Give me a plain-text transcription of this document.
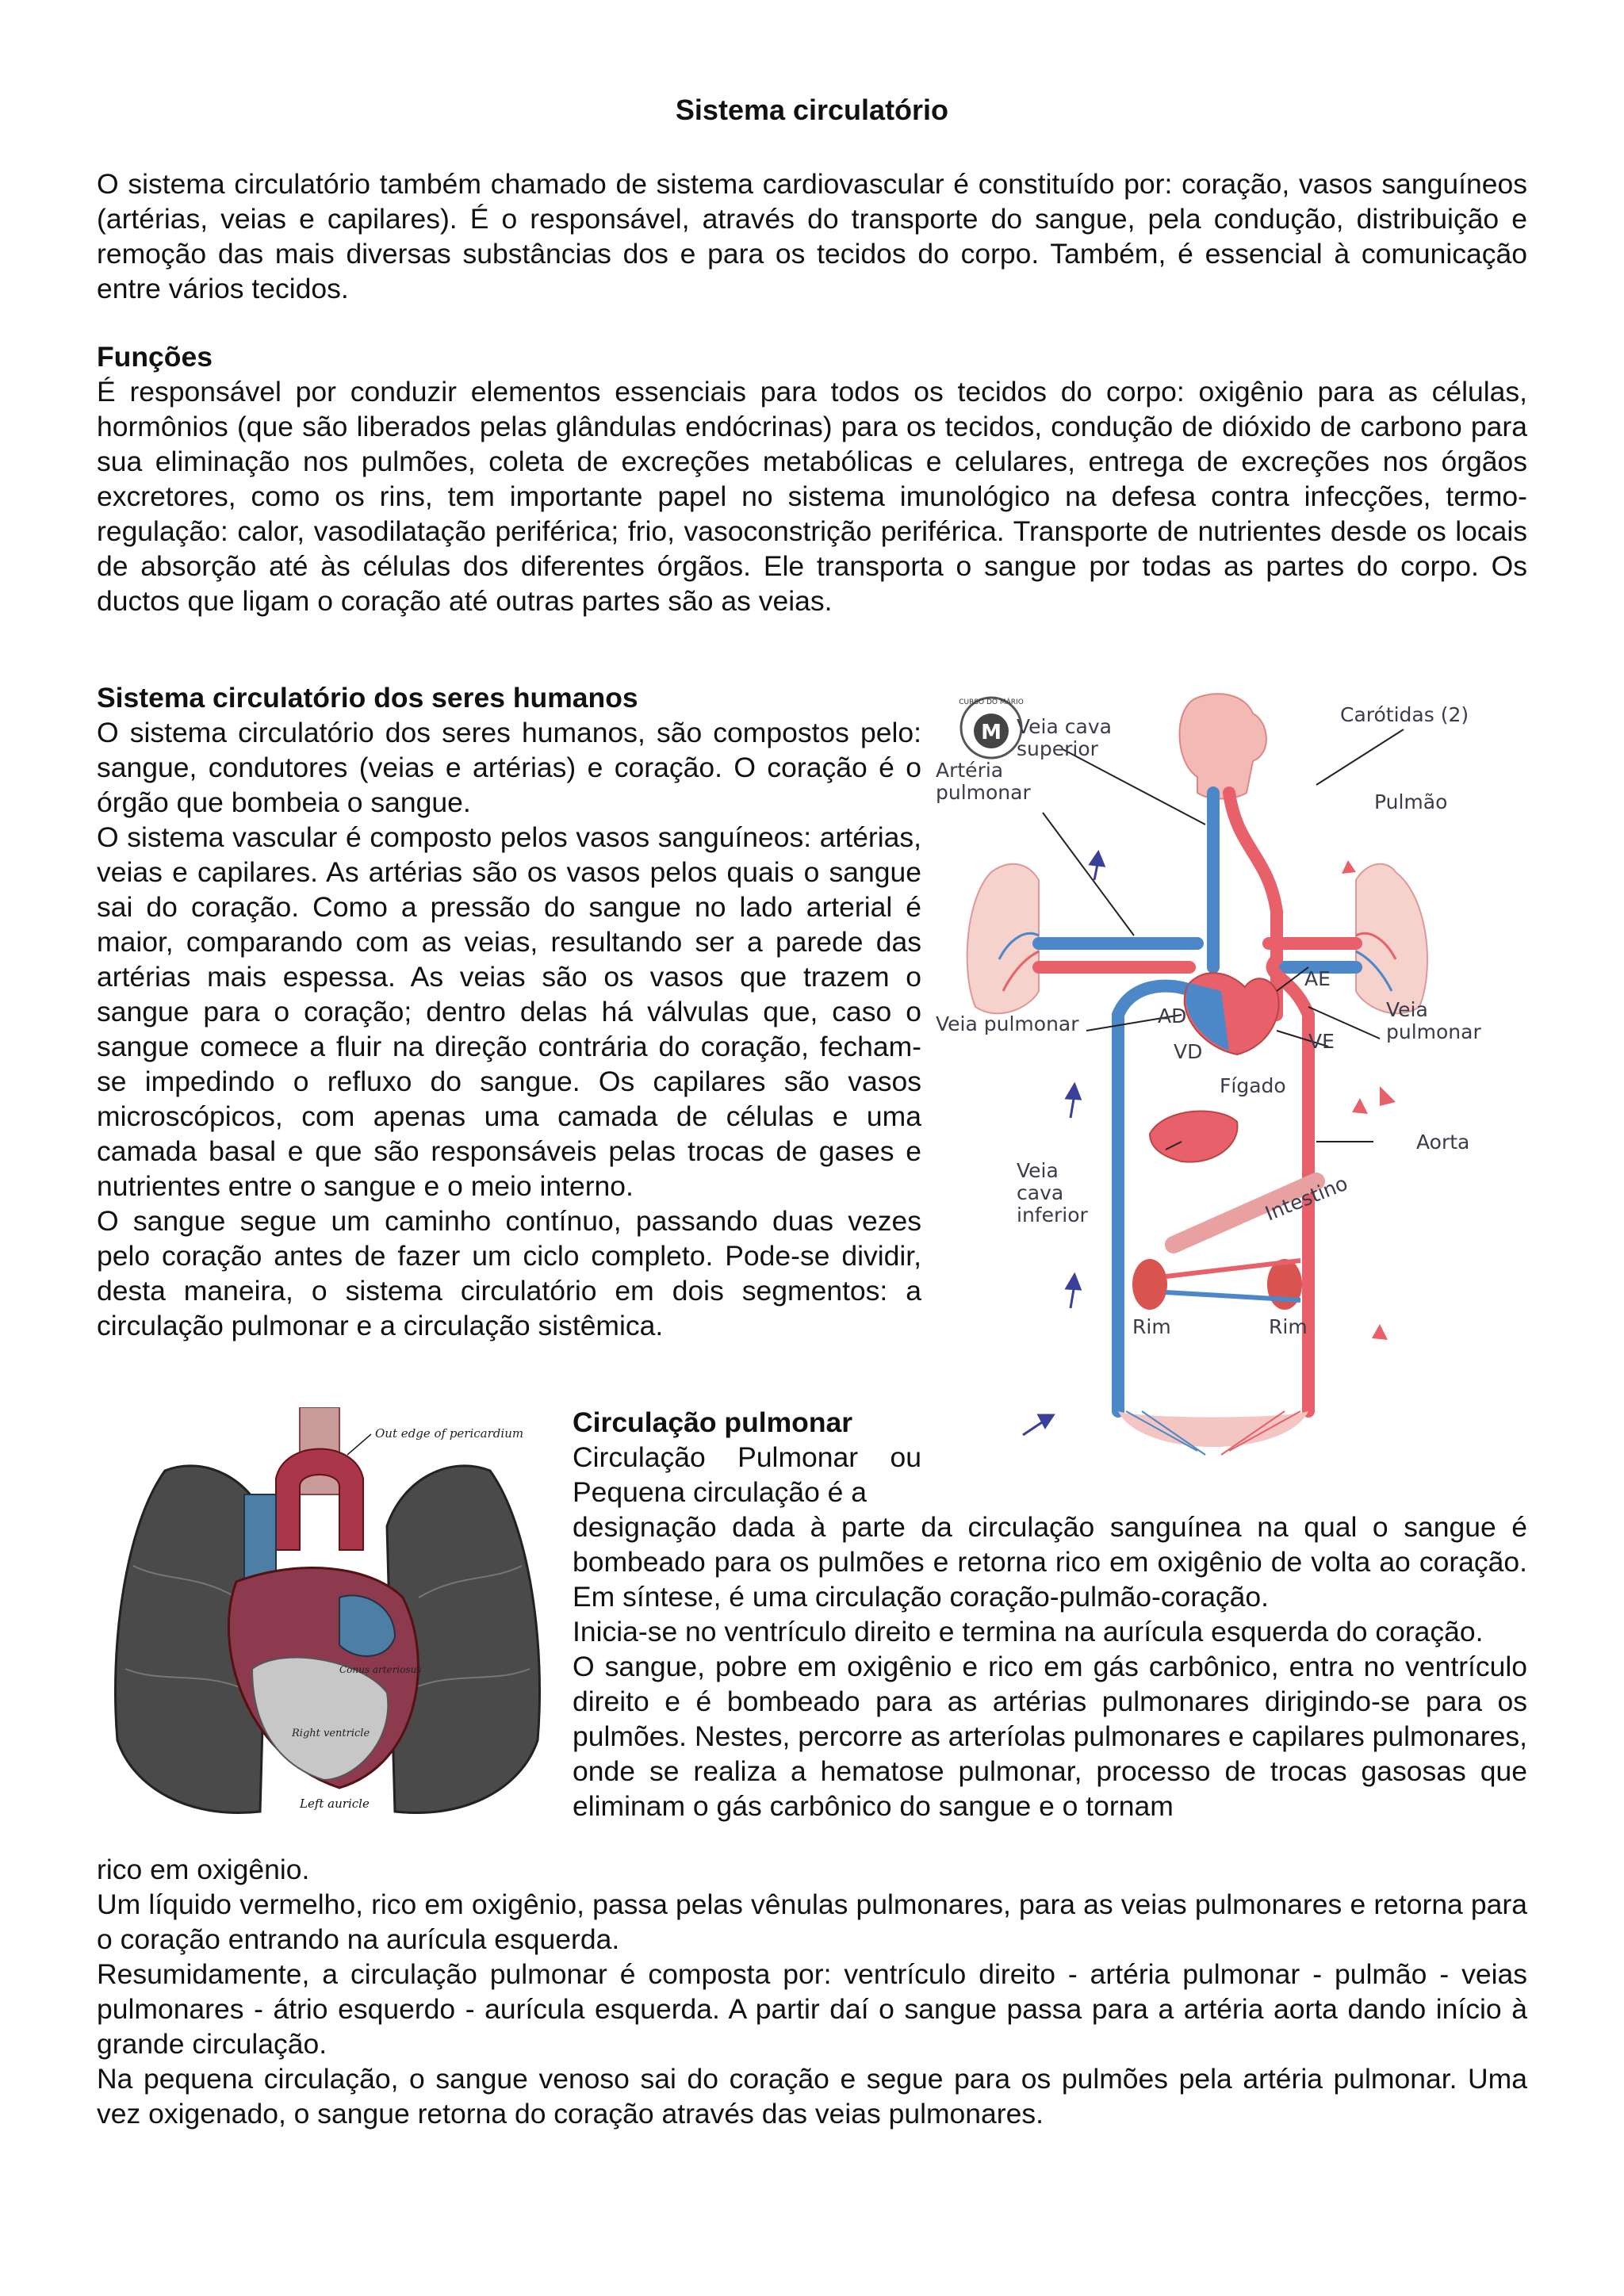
Sistema circulatório

O sistema circulatório também chamado de sistema cardiovascular é constituído por: coração, vasos sanguíneos (artérias, veias e capilares). É o responsável, através do transporte do sangue, pela condução, distribuição e remoção das mais diversas substâncias dos e para os tecidos do corpo. Também, é essencial à comunicação entre vários tecidos.

Funções
É responsável por conduzir elementos essenciais para todos os tecidos do corpo: oxigênio para as células, hormônios (que são liberados pelas glândulas endócrinas) para os tecidos, condução de dióxido de carbono para sua eliminação nos pulmões, coleta de excreções metabólicas e celulares, entrega de excreções nos órgãos excretores, como os rins, tem importante papel no sistema imunológico na defesa contra infecções, termo-regulação: calor, vasodilatação periférica; frio, vasoconstrição periférica. Transporte de nutrientes desde os locais de absorção até às células dos diferentes órgãos. Ele transporta o sangue por todas as partes do corpo. Os ductos que ligam o coração até outras partes são as veias.
Sistema circulatório dos seres humanos

O sistema circulatório dos seres humanos, são compostos pelo: sangue, condutores (veias e artérias) e coração. O coração é o órgão que bombeia o sangue.

O sistema vascular é composto pelos vasos sanguíneos: artérias, veias e capilares. As artérias são os vasos pelos quais o sangue sai do coração. Como a pressão do sangue no lado arterial é maior, comparando com as veias, resultando ser a parede das artérias mais espessa. As veias são os vasos que trazem o sangue para o coração; dentro delas há válvulas que, caso o sangue comece a fluir na direção contrária do coração, fecham-se impedindo o refluxo do sangue. Os capilares são vasos microscópicos, com apenas uma camada de células e uma camada basal e que são responsáveis pelas trocas de gases e nutrientes entre o sangue e o meio interno.

O sangue segue um caminho contínuo, passando duas vezes pelo coração antes de fazer um ciclo completo. Pode-se dividir, desta maneira, o sistema circulatório em dois segmentos: a circulação pulmonar e a circulação sistêmica.

M
CURSO DO MÁRIO
Veia cava
superior
Artéria
pulmonar
Carótidas (2)
Pulmão
AE
AD
VE
VD
Veia pulmonar
Veia
pulmonar
Fígado
Aorta
Veia
cava
inferior	Intestino
Rim	Rim
Out edge of pericardium
Left auricle
Right ventricle
Conus arteriosus
Circulação pulmonar

Circulação Pulmonar ou Pequena circulação é a

designação dada à parte da circulação sanguínea na qual o sangue é bombeado para os pulmões e retorna rico em oxigênio de volta ao coração. Em síntese, é uma circulação coração-pulmão-coração.

Inicia-se no ventrículo direito e termina na aurícula esquerda do coração.

O sangue, pobre em oxigênio e rico em gás carbônico, entra no ventrículo direito e é bombeado para as artérias pulmonares dirigindo-se para os pulmões. Nestes, percorre as arteríolas pulmonares e capilares pulmonares, onde se realiza a hematose pulmonar, processo de trocas gasosas que eliminam o gás carbônico do sangue e o tornam

rico em oxigênio.

Um líquido vermelho, rico em oxigênio, passa pelas vênulas pulmonares, para as veias pulmonares e retorna para o coração entrando na aurícula esquerda.

Resumidamente, a circulação pulmonar é composta por: ventrículo direito - artéria pulmonar - pulmão - veias pulmonares - átrio esquerdo - aurícula esquerda. A partir daí o sangue passa para a artéria aorta dando início à grande circulação.

Na pequena circulação, o sangue venoso sai do coração e segue para os pulmões pela artéria pulmonar. Uma vez oxigenado, o sangue retorna do coração através das veias pulmonares.
